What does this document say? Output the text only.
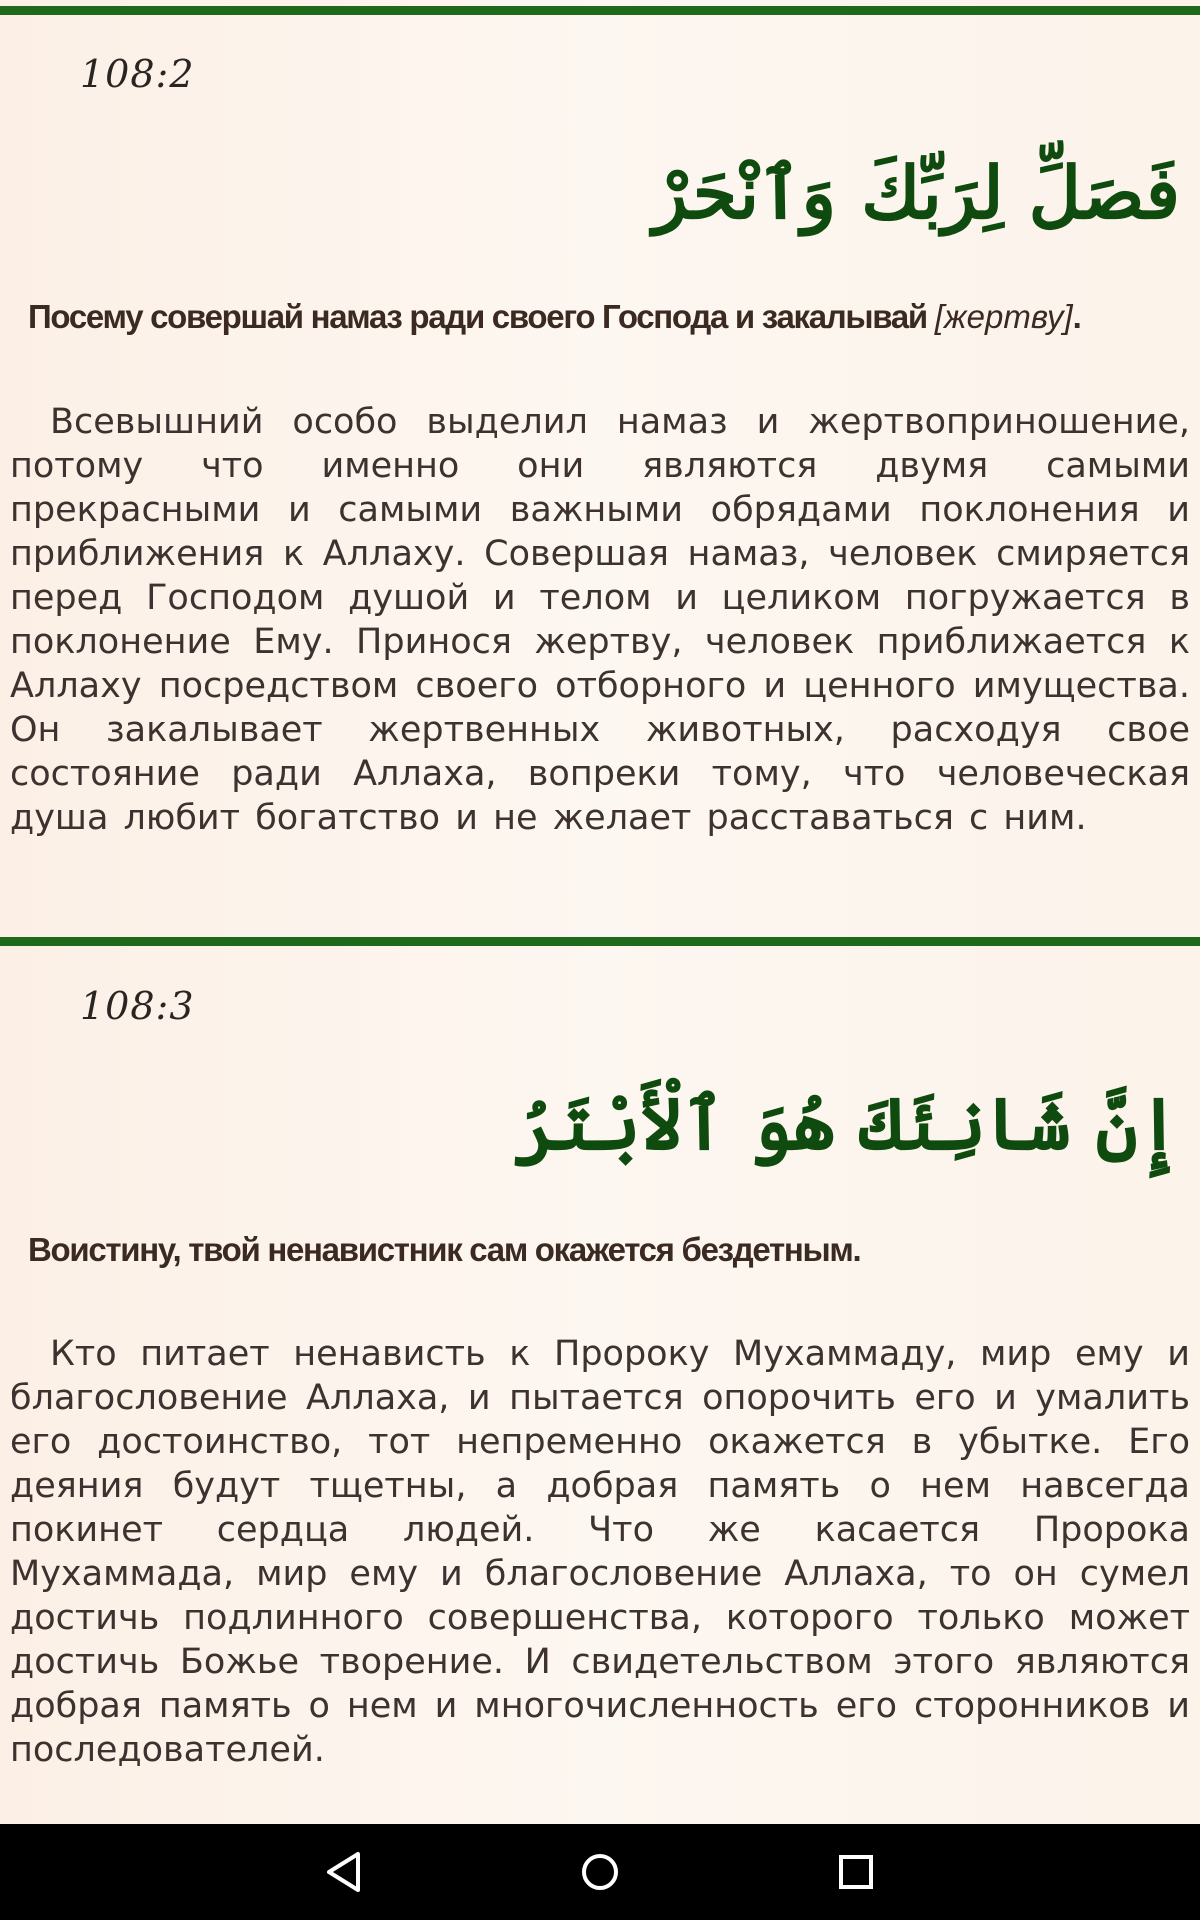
108:2
فَصَلِّ لِرَبِّكَ وَٱنْحَرْ
Посему совершай намаз ради своего Господа и закалывай [жертву].
Всевышний особо выделил намаз и жертвоприношение, потому что именно они являются двумя самыми прекрасными и самыми важными обрядами поклонения и приближения к Аллаху. Совершая намаз, человек смиряется перед Господом душой и телом и целиком погружается в поклонение Ему. Принося жертву, человек приближается к Аллаху посредством своего отборного и ценного имущества. Он закалывает жертвенных животных, расходуя свое состояние ради Аллаха, вопреки тому, что человеческая душа любит богатство и не желает расставаться с ним.
108:3
إِنَّ شَانِئَكَ هُوَ ٱلْأَبْتَرُ
Воистину, твой ненавистник сам окажется бездетным.
Кто питает ненависть к Пророку Мухаммаду, мир ему и благословение Аллаха, и пытается опорочить его и умалить его достоинство, тот непременно окажется в убытке. Его деяния будут тщетны, а добрая память о нем навсегда покинет сердца людей. Что же касается Пророка Мухаммада, мир ему и благословение Аллаха, то он сумел достичь подлинного совершенства, которого только может достичь Божье творение. И свидетельством этого являются добрая память о нем и многочисленность его сторонников и последователей.
